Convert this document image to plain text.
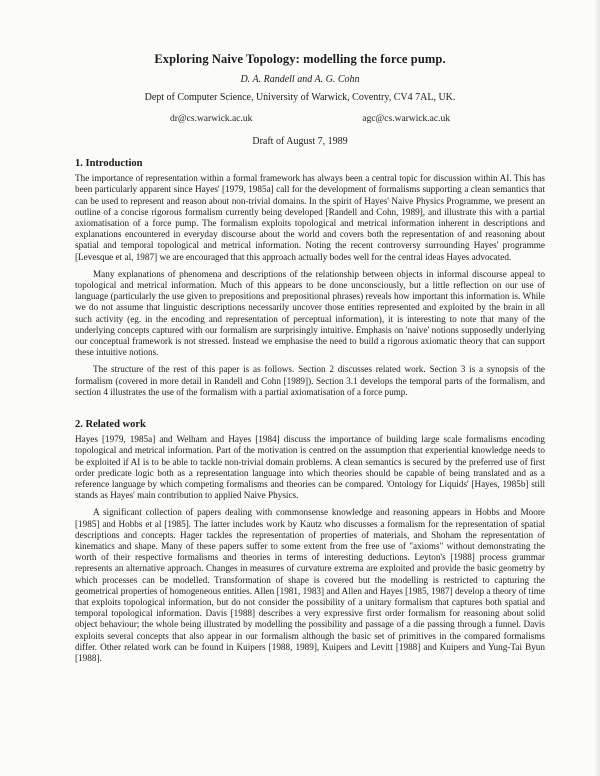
Exploring Naive Topology: modelling the force pump.
D. A. Randell and A. G. Cohn
Dept of Computer Science, University of Warwick, Coventry, CV4 7AL, UK.
dr@cs.warwick.ac.uk	agc@cs.warwick.ac.uk
Draft of August 7, 1989
1. Introduction

The importance of representation within a formal framework has always been a central topic for discussion within AI. This has been particularly apparent since Hayes' [1979, 1985a] call for the development of formalisms supporting a clean semantics that can be used to represent and reason about non-trivial domains. In the spirit of Hayes' Naive Physics Programme, we present an outline of a concise rigorous formalism currently being developed [Randell and Cohn, 1989], and illustrate this with a partial axiomatisation of a force pump. The formalism exploits topological and metrical information inherent in descriptions and explanations encountered in everyday discourse about the world and covers both the representation of and reasoning about spatial and temporal topological and metrical information. Noting the recent controversy surrounding Hayes' programme [Levesque et al, 1987] we are encouraged that this approach actually bodes well for the central ideas Hayes advocated.

Many explanations of phenomena and descriptions of the relationship between objects in informal discourse appeal to topological and metrical information. Much of this appears to be done unconsciously, but a little reflection on our use of language (particularly the use given to prepositions and prepositional phrases) reveals how important this information is. While we do not assume that linguistic descriptions necessarily uncover those entities represented and exploited by the brain in all such activity (eg. in the encoding and representation of perceptual information), it is interesting to note that many of the underlying concepts captured with our formalism are surprisingly intuitive. Emphasis on 'naive' notions supposedly underlying our conceptual framework is not stressed. Instead we emphasise the need to build a rigorous axiomatic theory that can support these intuitive notions.

The structure of the rest of this paper is as follows. Section 2 discusses related work. Section 3 is a synopsis of the formalism (covered in more detail in Randell and Cohn [1989]). Section 3.1 develops the temporal parts of the formalism, and section 4 illustrates the use of the formalism with a partial axiomatisation of a force pump.

2. Related work

Hayes [1979, 1985a] and Welham and Hayes [1984] discuss the importance of building large scale formalisms encoding topological and metrical information. Part of the motivation is centred on the assumption that experiential knowledge needs to be exploited if AI is to be able to tackle non-trivial domain problems. A clean semantics is secured by the preferred use of first order predicate logic both as a representation language into which theories should be capable of being translated and as a reference language by which competing formalisms and theories can be compared. 'Ontology for Liquids' [Hayes, 1985b] still stands as Hayes' main contribution to applied Naive Physics.

A significant collection of papers dealing with commonsense knowledge and reasoning appears in Hobbs and Moore [1985] and Hobbs et al [1985]. The latter includes work by Kautz who discusses a formalism for the representation of spatial descriptions and concepts. Hager tackles the representation of properties of materials, and Shoham the representation of kinematics and shape. Many of these papers suffer to some extent from the free use of "axioms" without demonstrating the worth of their respective formalisms and theories in terms of interesting deductions. Leyton's [1988] process grammar represents an alternative approach. Changes in measures of curvature extrema are exploited and provide the basic geometry by which processes can be modelled. Transformation of shape is covered but the modelling is restricted to capturing the geometrical properties of homogeneous entities. Allen [1981, 1983] and Allen and Hayes [1985, 1987] develop a theory of time that exploits topological information, but do not consider the possibility of a unitary formalism that captures both spatial and temporal topological information. Davis [1988] describes a very expressive first order formalism for reasoning about solid object behaviour; the whole being illustrated by modelling the possibility and passage of a die passing through a funnel. Davis exploits several concepts that also appear in our formalism although the basic set of primitives in the compared formalisms differ. Other related work can be found in Kuipers [1988, 1989], Kuipers and Levitt [1988] and Kuipers and Yung-Tai Byun [1988].
